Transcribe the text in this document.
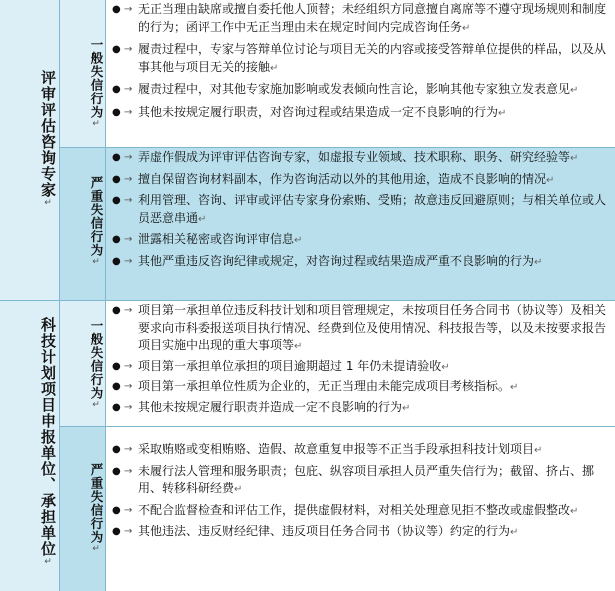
评审评估咨询专家↵
一般失信行为↵
● → 无正当理由缺席或擅自委托他人顶替；未经组织方同意擅自离席等不遵守现场规则和制度的行为；函评工作中无正当理由未在规定时间内完成咨询任务↵
● → 履责过程中，专家与答辩单位讨论与项目无关的内容或接受答辩单位提供的样品，以及从事其他与项目无关的接触↵
● → 履责过程中，对其他专家施加影响或发表倾向性言论，影响其他专家独立发表意见↵
● → 其他未按规定履行职责，对咨询过程或结果造成一定不良影响的行为↵
严重失信行为↵
● → 弄虚作假成为评审评估咨询专家，如虚报专业领域、技术职称、职务、研究经验等↵
● → 擅自保留咨询材料副本，作为咨询活动以外的其他用途，造成不良影响的情况↵
● → 利用管理、咨询、评审或评估专家身份索贿、受贿；故意违反回避原则；与相关单位或人员恶意串通↵
● → 泄露相关秘密或咨询评审信息↵
● → 其他严重违反咨询纪律或规定，对咨询过程或结果造成严重不良影响的行为↵
科技计划项目申报单位、承担单位↵
一般失信行为↵
● → 项目第一承担单位违反科技计划和项目管理规定，未按项目任务合同书（协议等）及相关要求向市科委报送项目执行情况、经费到位及使用情况、科技报告等，以及未按要求报告项目实施中出现的重大事项等↵
● → 项目第一承担单位承担的项目逾期超过 1 年仍未提请验收↵
● → 项目第一承担单位性质为企业的，无正当理由未能完成项目考核指标。↵
● → 其他未按规定履行职责并造成一定不良影响的行为↵
严重失信行为↵
● → 采取贿赂或变相贿赂、造假、故意重复申报等不正当手段承担科技计划项目↵
● → 未履行法人管理和服务职责；包庇、纵容项目承担人员严重失信行为；截留、挤占、挪用、转移科研经费↵
● → 不配合监督检查和评估工作，提供虚假材料，对相关处理意见拒不整改或虚假整改↵
● → 其他违法、违反财经纪律、违反项目任务合同书（协议等）约定的行为↵
